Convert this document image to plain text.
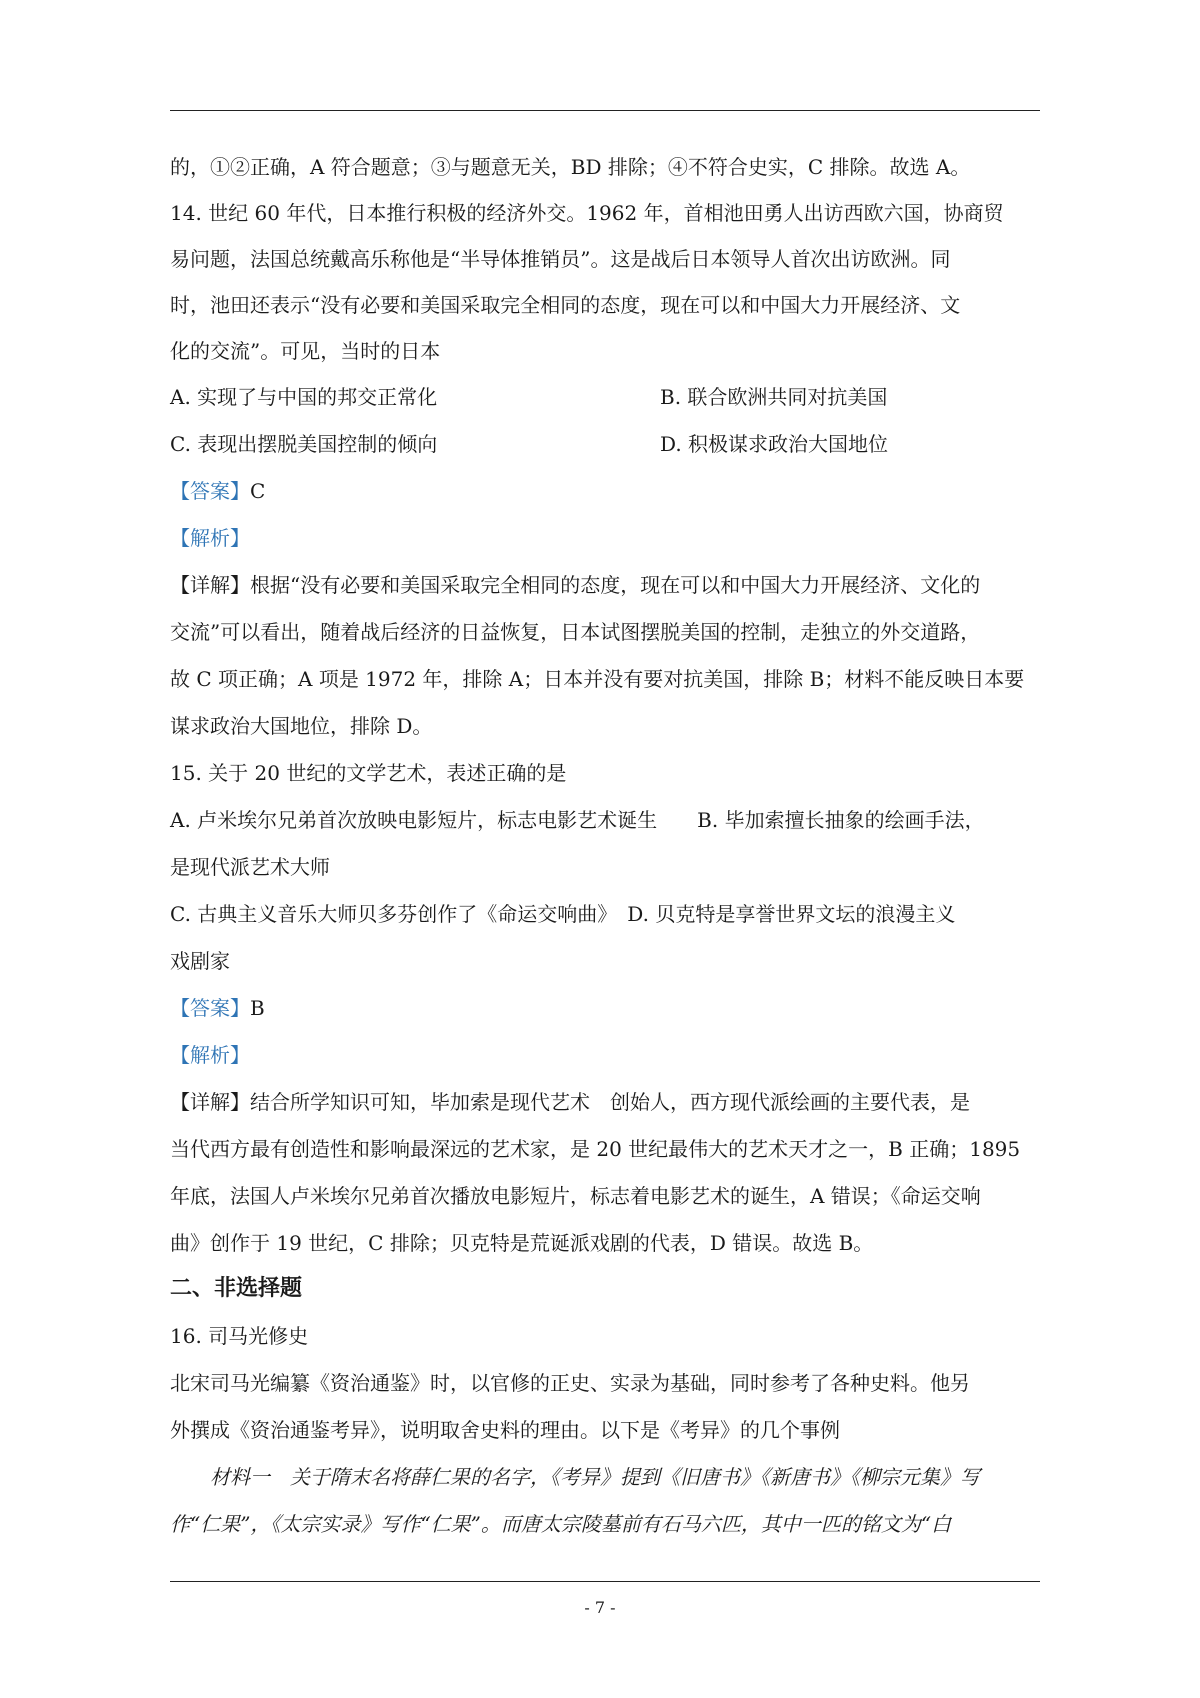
的，①②正确，A 符合题意；③与题意无关，BD 排除；④不符合史实，C 排除。故选 A。
14. 世纪 60 年代，日本推行积极的经济外交。1962 年，首相池田勇人出访西欧六国，协商贸
易问题，法国总统戴高乐称他是“半导体推销员”。这是战后日本领导人首次出访欧洲。同
时，池田还表示“没有必要和美国采取完全相同的态度，现在可以和中国大力开展经济、文
化的交流”。可见，当时的日本
A. 实现了与中国的邦交正常化	B. 联合欧洲共同对抗美国
C. 表现出摆脱美国控制的倾向	D. 积极谋求政治大国地位
【答案】C
【解析】
【详解】根据“没有必要和美国采取完全相同的态度，现在可以和中国大力开展经济、文化的
交流”可以看出，随着战后经济的日益恢复，日本试图摆脱美国的控制，走独立的外交道路，
故 C 项正确；A 项是 1972 年，排除 A；日本并没有要对抗美国，排除 B；材料不能反映日本要
谋求政治大国地位，排除 D。
15. 关于 20 世纪的文学艺术，表述正确的是
A. 卢米埃尔兄弟首次放映电影短片，标志电影艺术诞生　　B. 毕加索擅长抽象的绘画手法，
是现代派艺术大师
C. 古典主义音乐大师贝多芬创作了《命运交响曲》　D. 贝克特是享誉世界文坛的浪漫主义
戏剧家
【答案】B
【解析】
【详解】结合所学知识可知，毕加索是现代艺术　创始人，西方现代派绘画的主要代表，是
当代西方最有创造性和影响最深远的艺术家，是 20 世纪最伟大的艺术天才之一，B 正确；1895
年底，法国人卢米埃尔兄弟首次播放电影短片，标志着电影艺术的诞生，A 错误；《命运交响
曲》创作于 19 世纪，C 排除；贝克特是荒诞派戏剧的代表，D 错误。故选 B。
二、非选择题
16. 司马光修史
北宋司马光编纂《资治通鉴》时，以官修的正史、实录为基础，同时参考了各种史料。他另
外撰成《资治通鉴考异》，说明取舍史料的理由。以下是《考异》的几个事例
　　材料一　关于隋末名将薛仁果的名字，《考异》提到《旧唐书》《新唐书》《柳宗元集》写
作“仁果”，《太宗实录》写作“仁果”。而唐太宗陵墓前有石马六匹，其中一匹的铭文为“白
- 7 -
